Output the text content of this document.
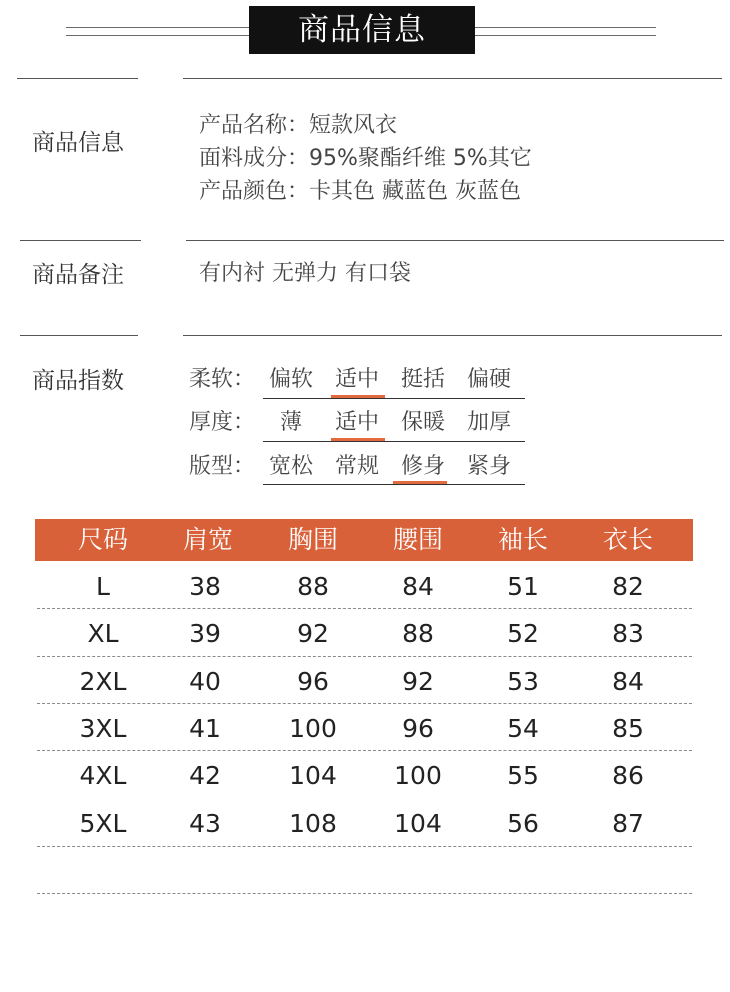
商品信息
商品信息
产品名称：短款风衣
面料成分：95%聚酯纤维 5%其它
产品颜色：卡其色 藏蓝色 灰蓝色
商品备注	有内衬 无弹力 有口袋
商品指数	柔软： 偏软 适中 挺括 偏硬
厚度：	薄	适中 保暖 加厚
版型： 宽松 常规 修身 紧身
尺码	肩宽	胸围	腰围	袖长	衣长
L	38	88	84	51	82
XL	39	92	88	52	83
2XL	40	96	92	53	84
3XL	41	100	96	54	85
4XL	42	104	100	55	86
5XL	43	108	104	56	87
